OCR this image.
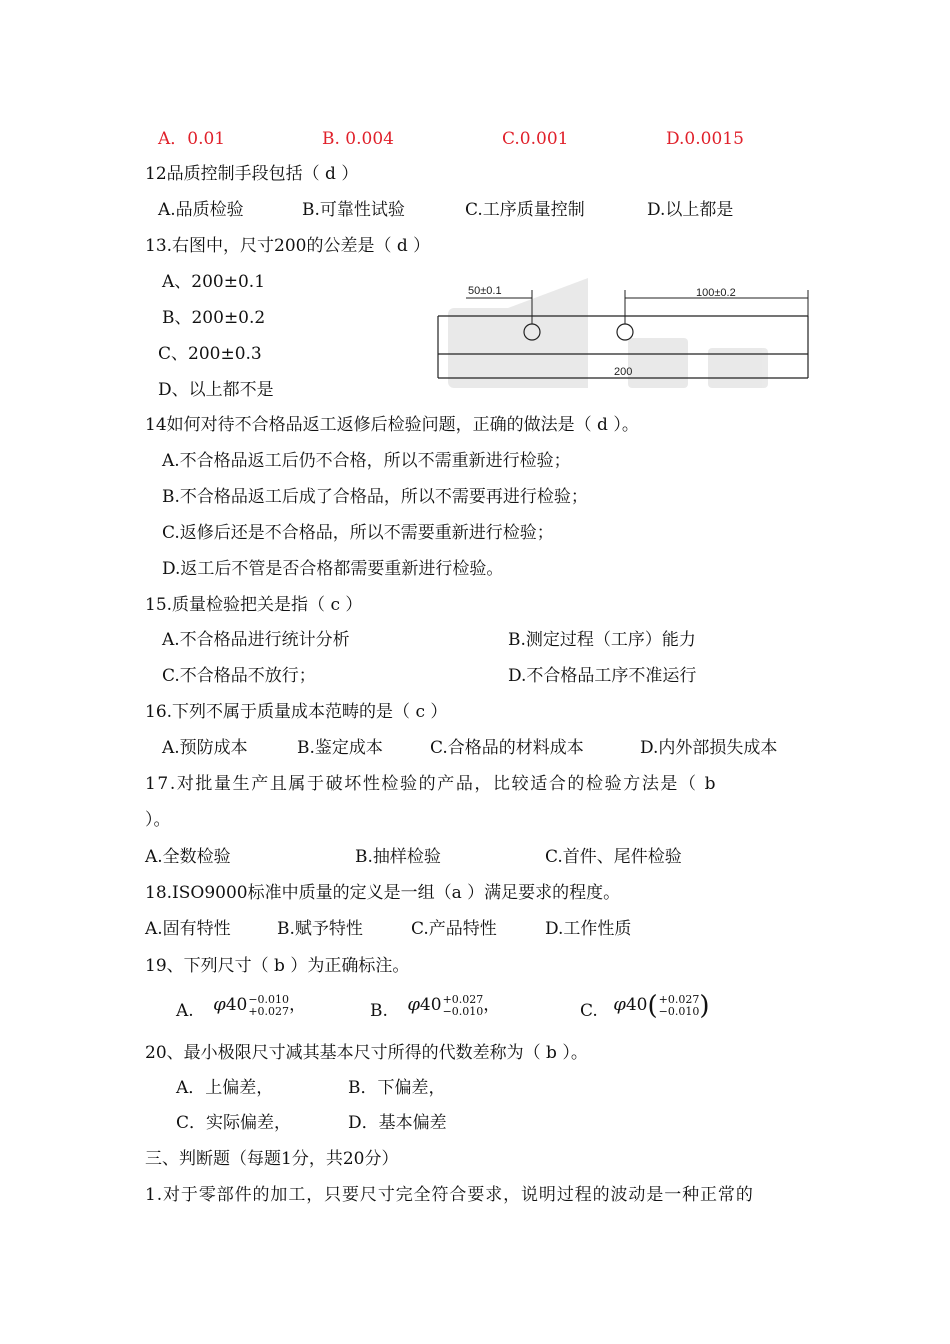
A．0.01	B. 0.004	C.0.001	D.0.0015
12品质控制手段包括（ d ）
A.品质检验	B.可靠性试验	C.工序质量控制	D.以上都是
13.右图中，尺寸200的公差是（ d ）
A、200±0.1
B、200±0.2
C、200±0.3
D、以上都不是
50±0.1	100±0.2
200
14如何对待不合格品返工返修后检验问题，正确的做法是（ d ）。
A.不合格品返工后仍不合格，所以不需重新进行检验；
B.不合格品返工后成了合格品，所以不需要再进行检验；
C.返修后还是不合格品，所以不需要重新进行检验；
D.返工后不管是否合格都需要重新进行检验。
15.质量检验把关是指（ c ）
A.不合格品进行统计分析	B.测定过程（工序）能力
C.不合格品不放行；	D.不合格品工序不准运行
16.下列不属于质量成本范畴的是（ c ）
A.预防成本	B.鉴定成本	C.合格品的材料成本	D.内外部损失成本
17.对批量生产且属于破坏性检验的产品，比较适合的检验方法是（ b
）。
A.全数检验	B.抽样检验	C.首件、尾件检验
18.ISO9000标准中质量的定义是一组（a ）满足要求的程度。
A.固有特性	B.赋予特性	C.产品特性	D.工作性质
19、下列尺寸（ b ）为正确标注。
A. φ40−0.010
+0.027，	B. φ40+0.027
−0.010，	C. φ40(+0.027
−0.010)
20、最小极限尺寸减其基本尺寸所得的代数差称为（ b ）。
A．上偏差，	B．下偏差，
C．实际偏差，	D．基本偏差
三、判断题（每题1分，共20分）
1.对于零部件的加工，只要尺寸完全符合要求，说明过程的波动是一种正常的
